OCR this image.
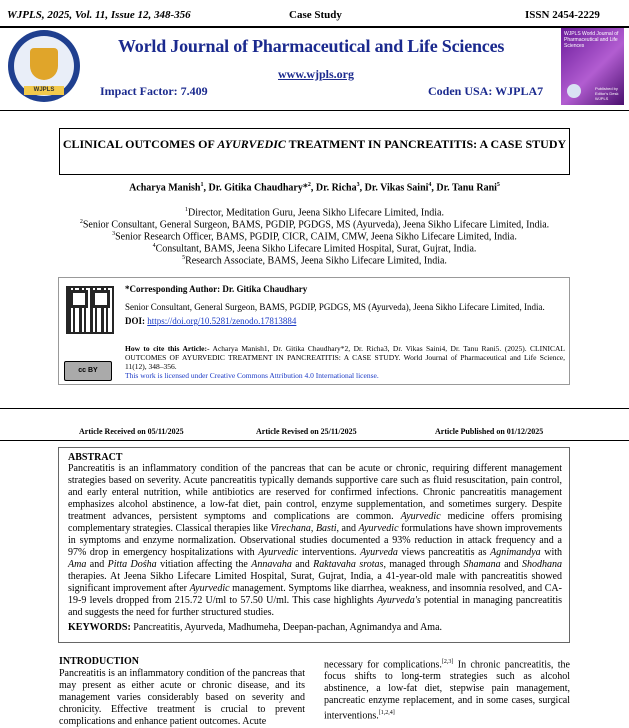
WJPLS, 2025, Vol. 11, Issue 12, 348-356	Case Study	ISSN 2454-2229
WJPLS
World Journal of Pharmaceutical and Life Sciences
www.wjpls.org
Impact Factor: 7.409	Coden USA: WJPLA7
WJPLS World Journal of Pharmaceutical and Life Sciences
Published by Editor's Desk WJPLS
CLINICAL OUTCOMES OF AYURVEDIC TREATMENT IN PANCREATITIS: A CASE STUDY
Acharya Manish$^1$, Dr. Gitika Chaudhary*$^2$, Dr. Richa$^3$, Dr. Vikas Saini$^4$, Dr. Tanu Rani$^5$
$^1$Director, Meditation Guru, Jeena Sikho Lifecare Limited, India.
$^2$Senior Consultant, General Surgeon, BAMS, PGDIP, PGDGS, MS (Ayurveda), Jeena Sikho Lifecare Limited, India.
$^3$Senior Research Officer, BAMS, PGDIP, CICR, CAIM, CMW, Jeena Sikho Lifecare Limited, India.
$^4$Consultant, BAMS, Jeena Sikho Lifecare Limited Hospital, Surat, Gujrat, India.
$^5$Research Associate, BAMS, Jeena Sikho Lifecare Limited, India.
*Corresponding Author: Dr. Gitika Chaudhary
Senior Consultant, General Surgeon, BAMS, PGDIP, PGDGS, MS (Ayurveda), Jeena Sikho Lifecare Limited, India. DOI: https://doi.org/10.5281/zenodo.17813884
How to cite this Article:- Acharya Manish1, Dr. Gitika Chaudhary*2, Dr. Richa3, Dr. Vikas Saini4, Dr. Tanu Rani5. (2025). CLINICAL OUTCOMES OF AYURVEDIC TREATMENT IN PANCREATITIS: A CASE STUDY. World Journal of Pharmaceutical and Life Science, 11(12), 348–356.
This work is licensed under Creative Commons Attribution 4.0 International license.
cc BY
Article Received on 05/11/2025	Article Revised on 25/11/2025	Article Published on 01/12/2025
ABSTRACT
Pancreatitis is an inflammatory condition of the pancreas that can be acute or chronic, requiring different management strategies based on severity. Acute pancreatitis typically demands supportive care such as fluid resuscitation, pain control, and early enteral nutrition, while antibiotics are reserved for confirmed infections. Chronic pancreatitis management emphasizes alcohol abstinence, a low-fat diet, pain control, enzyme supplementation, and sometimes surgery. Despite treatment advances, persistent symptoms and complications are common. Ayurvedic medicine offers promising complementary strategies. Classical therapies like Virechana, Basti, and Ayurvedic formulations have shown improvements in symptoms and enzyme normalization. Observational studies documented a 93% reduction in attack frequency and a 97% drop in emergency hospitalizations with Ayurvedic interventions. Ayurveda views pancreatitis as Agnimandya with Ama and Pitta Dośha vitiation affecting the Annavaha and Raktavaha srotas, managed through Shamana and Shodhana therapies. At Jeena Sikho Lifecare Limited Hospital, Surat, Gujrat, India, a 41-year-old male with pancreatitis showed significant improvement after Ayurvedic management. Symptoms like diarrhea, weakness, and insomnia resolved, and CA-19-9 levels dropped from 215.72 U/ml to 57.50 U/ml. This case highlights Ayurveda's potential in managing pancreatitis and suggests the need for further structured studies.
KEYWORDS: Pancreatitis, Ayurveda, Madhumeha, Deepan-pachan, Agnimandya and Ama.
INTRODUCTION
Pancreatitis is an inflammatory condition of the pancreas that may present as either acute or chronic disease, and its management varies considerably based on severity and chronicity. Effective treatment is crucial to prevent complications and enhance patient outcomes. Acute
necessary for complications.[2,3] In chronic pancreatitis, the focus shifts to long-term strategies such as alcohol abstinence, a low-fat diet, stepwise pain management, pancreatic enzyme replacement, and in some cases, surgical interventions.[1,2,4]
